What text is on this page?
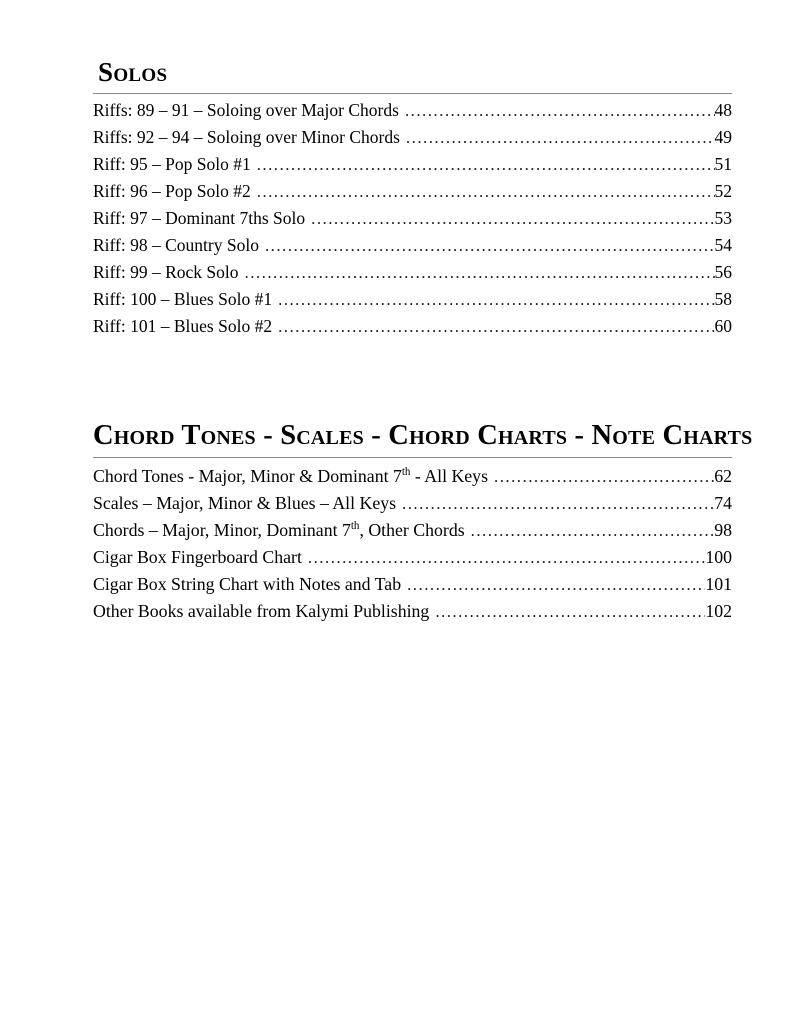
Solos
Riffs: 89 – 91 – Soloing over Major Chords .....	48
Riffs: 92 – 94 – Soloing over Minor Chords .....	49
Riff: 95 – Pop Solo #1 .....	51
Riff: 96 – Pop Solo #2 .....	52
Riff: 97 – Dominant 7ths Solo .....	53
Riff: 98 – Country Solo .....	54
Riff: 99 – Rock Solo .....	56
Riff: 100 – Blues Solo #1 .....	58
Riff: 101 – Blues Solo #2 .....	60
Chord Tones - Scales - Chord Charts - Note Charts
Chord Tones - Major, Minor & Dominant 7th - All Keys .....	62
Scales – Major, Minor & Blues – All Keys .....	74
Chords – Major, Minor, Dominant 7th, Other Chords .....	98
Cigar Box Fingerboard Chart .....	100
Cigar Box String Chart with Notes and Tab .....	101
Other Books available from Kalymi Publishing .....	102
